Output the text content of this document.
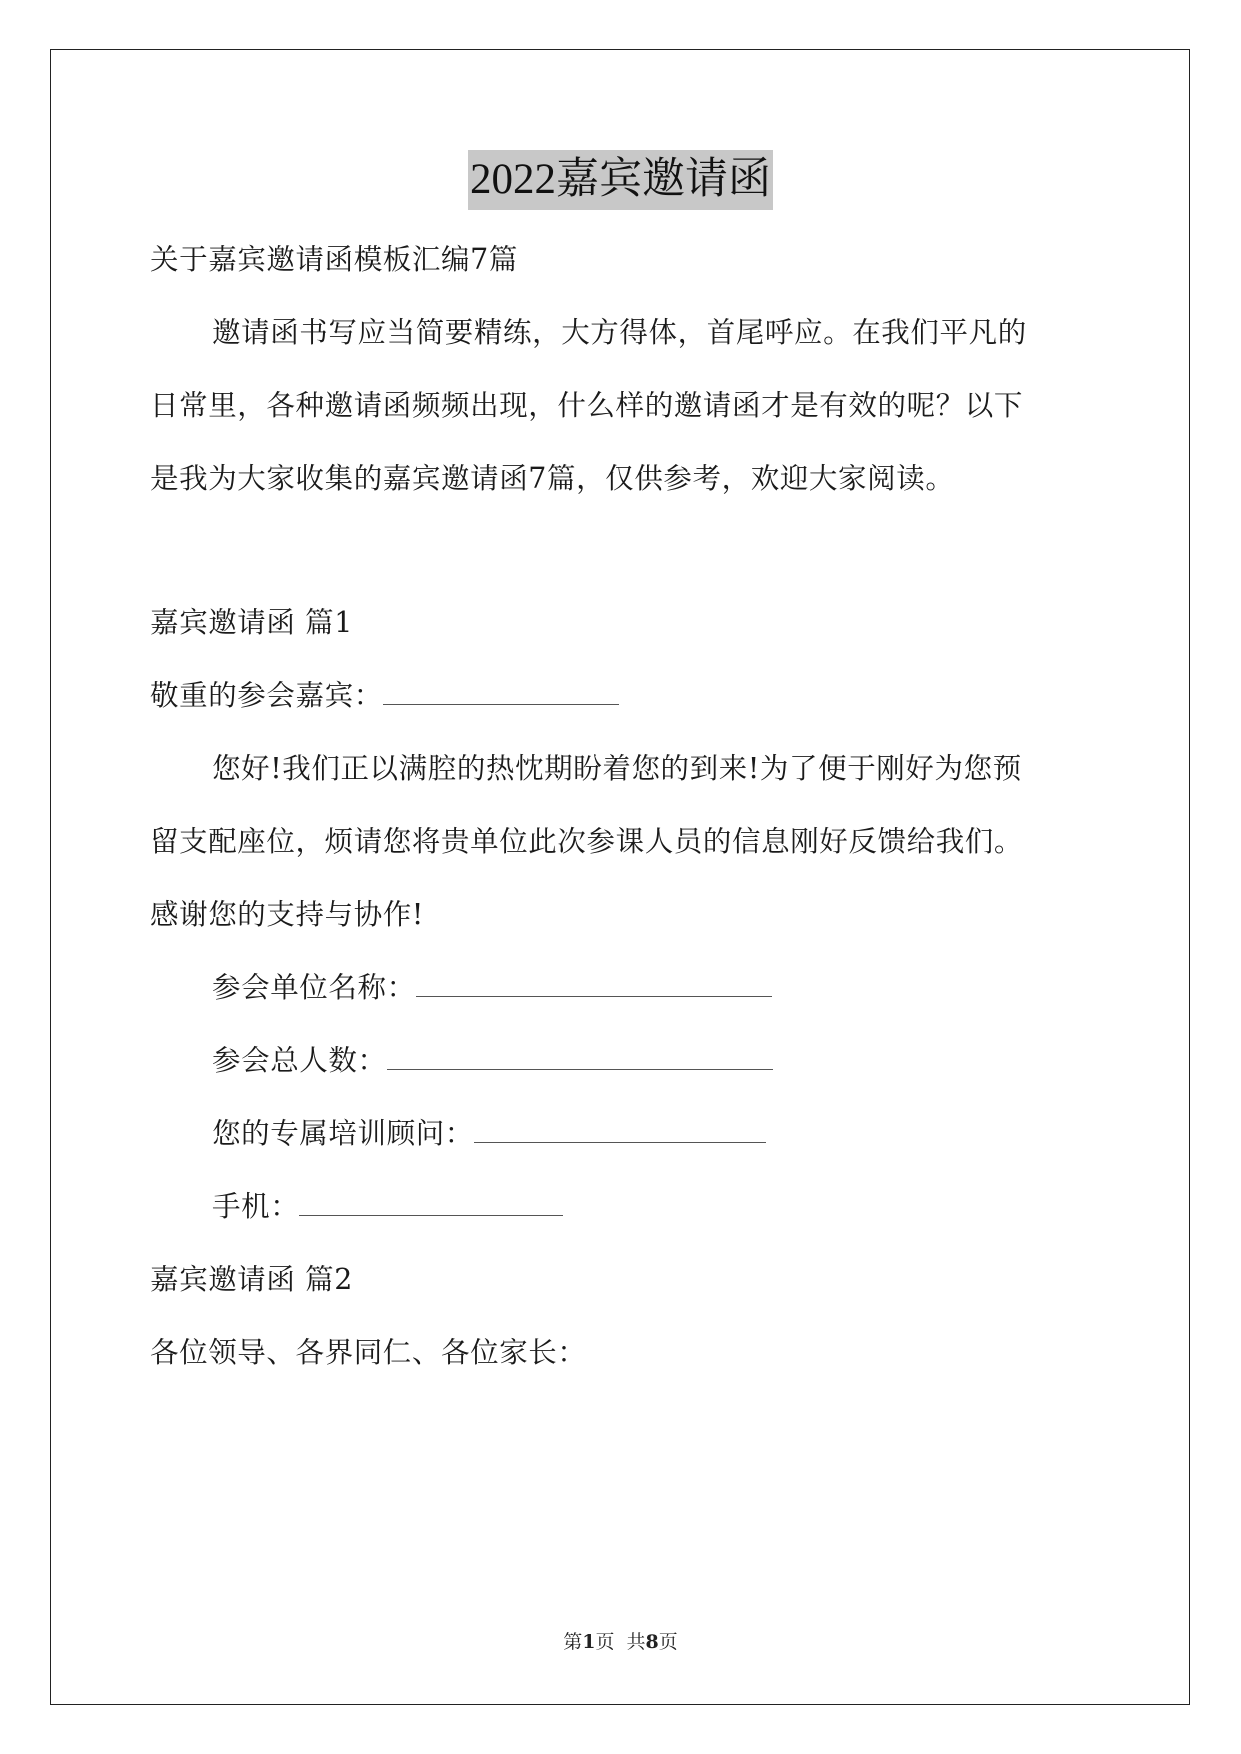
2022嘉宾邀请函
关于嘉宾邀请函模板汇编7篇
邀请函书写应当简要精练，大方得体，首尾呼应。在我们平凡的
日常里，各种邀请函频频出现，什么样的邀请函才是有效的呢？以下
是我为大家收集的嘉宾邀请函7篇，仅供参考，欢迎大家阅读。
嘉宾邀请函 篇1
敬重的参会嘉宾：
您好!我们正以满腔的热忱期盼着您的到来!为了便于刚好为您预
留支配座位，烦请您将贵单位此次参课人员的信息刚好反馈给我们。
感谢您的支持与协作!
参会单位名称：
参会总人数：
您的专属培训顾问：
手机：
嘉宾邀请函 篇2
各位领导、各界同仁、各位家长：
第1页  共8页
